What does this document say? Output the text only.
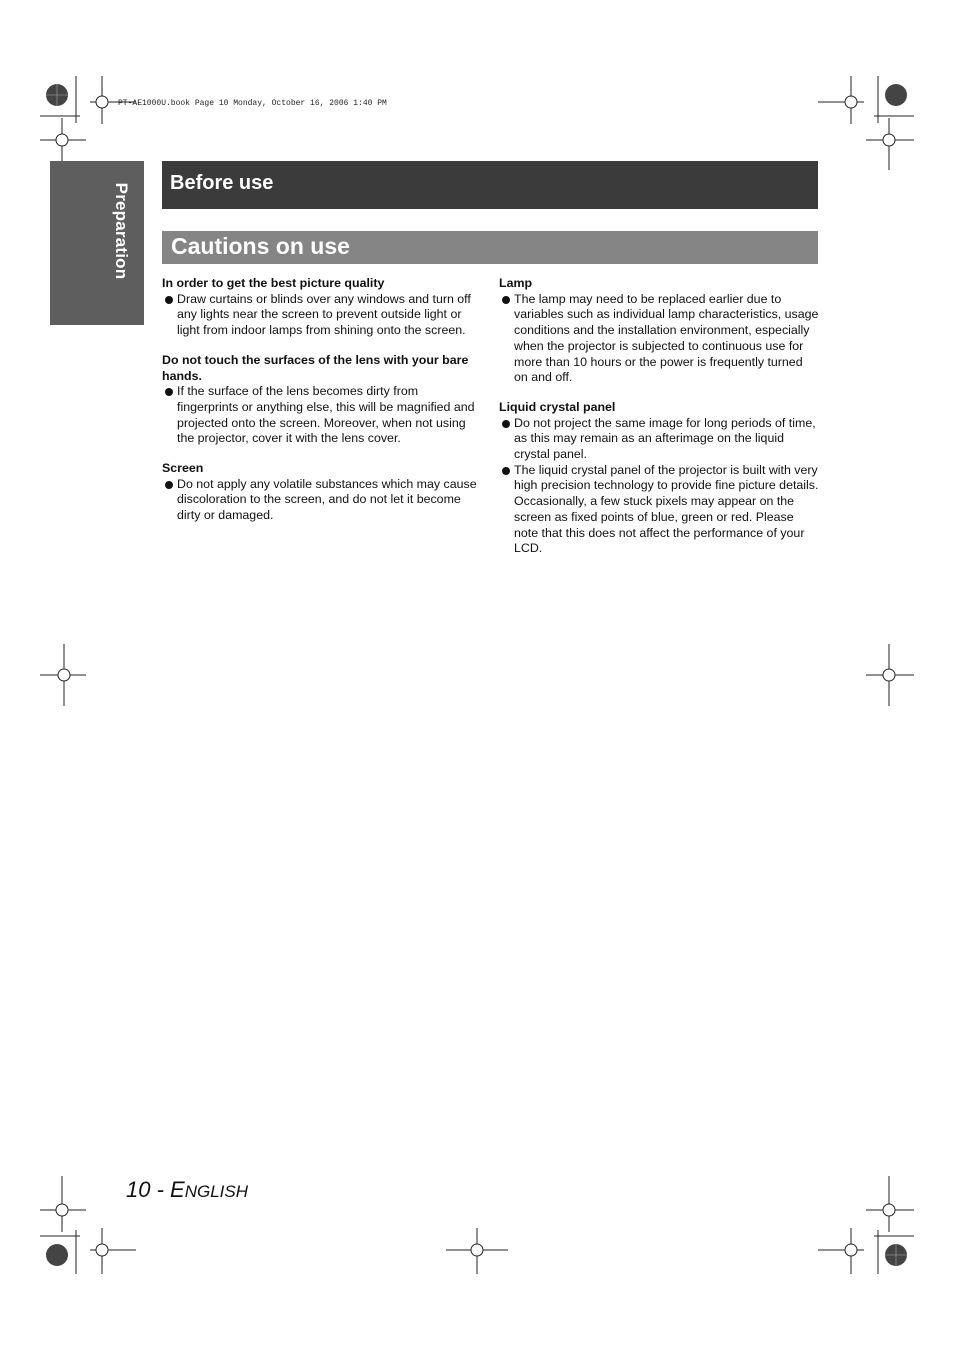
PT-AE1000U.book Page 10 Monday, October 16, 2006 1:40 PM
Preparation Before use
Cautions on use
In order to get the best picture quality
Draw curtains or blinds over any windows and turn off any lights near the screen to prevent outside light or light from indoor lamps from shining onto the screen.
Do not touch the surfaces of the lens with your bare hands.
If the surface of the lens becomes dirty from fingerprints or anything else, this will be magnified and projected onto the screen. Moreover, when not using the projector, cover it with the lens cover.
Screen
Do not apply any volatile substances which may cause discoloration to the screen, and do not let it become dirty or damaged.
Lamp
The lamp may need to be replaced earlier due to variables such as individual lamp characteristics, usage conditions and the installation environment, especially when the projector is subjected to continuous use for more than 10 hours or the power is frequently turned on and off.
Liquid crystal panel
Do not project the same image for long periods of time, as this may remain as an afterimage on the liquid crystal panel.
The liquid crystal panel of the projector is built with very high precision technology to provide fine picture details. Occasionally, a few stuck pixels may appear on the screen as fixed points of blue, green or red. Please note that this does not affect the performance of your LCD.
10 - ENGLISH
